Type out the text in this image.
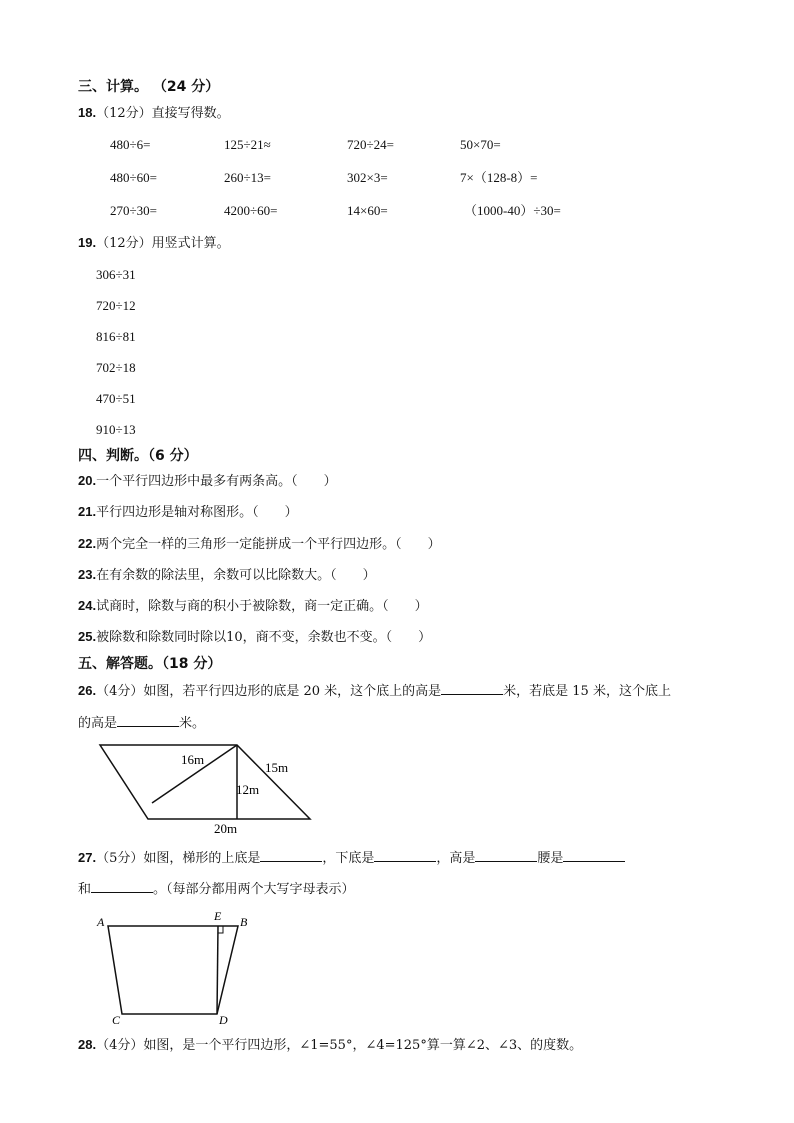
三、计算。 （24 分）
18.（12分）直接写得数。
480÷6=	125÷21≈	720÷24=	50×70=
480÷60=	260÷13=	302×3=	7×（128-8）=
270÷30=	4200÷60=	14×60=	（1000-40）÷30=
19.（12分）用竖式计算。
306÷31
720÷12
816÷81
702÷18
470÷51
910÷13
四、判断。（6 分）
20.一个平行四边形中最多有两条高。（　　）
21.平行四边形是轴对称图形。（　　）
22.两个完全一样的三角形一定能拼成一个平行四边形。（　　）
23.在有余数的除法里，余数可以比除数大。（　　）
24.试商时，除数与商的积小于被除数，商一定正确。（　　）
25.被除数和除数同时除以10，商不变，余数也不变。（　　）
五、解答题。（18 分）
26.（4分）如图，若平行四边形的底是 20 米，这个底上的高是	米，若底是 15 米，这个底上
的高是	米。
16m
15m
12m
20m
27.（5分）如图，梯形的上底是	，下底是	，高是	腰是
和	。（每部分都用两个大写字母表示）
A	B
E
C	D
28.（4分）如图，是一个平行四边形，∠1=55°，∠4=125°算一算∠2、∠3、的度数。
